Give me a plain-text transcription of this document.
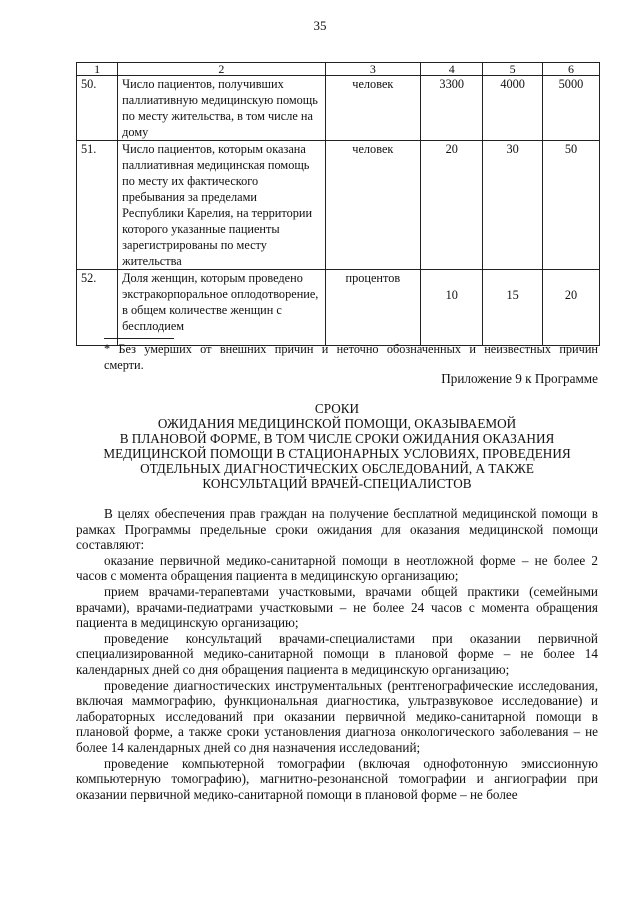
35
1	2	3	4	5	6
50.	Число пациентов, получивших паллиативную медицинскую помощь по месту жительства, в том числе на дому	человек	3300	4000	5000
51.	Число пациентов, которым оказана паллиативная медицинская помощь по месту их фактического пребывания за пределами Республики Карелия, на территории которого указанные пациенты зарегистрированы по месту жительства	человек	20	30	50
52.	Доля женщин, которым проведено экстракорпоральное оплодотворение, в общем количестве женщин с бесплодием	процентов	10	15	20
* Без умерших от внешних причин и неточно обозначенных и неизвестных причин
смерти.
Приложение 9 к Программе
СРОКИ
ОЖИДАНИЯ МЕДИЦИНСКОЙ ПОМОЩИ, ОКАЗЫВАЕМОЙ
В ПЛАНОВОЙ ФОРМЕ, В ТОМ ЧИСЛЕ СРОКИ ОЖИДАНИЯ ОКАЗАНИЯ
МЕДИЦИНСКОЙ ПОМОЩИ В СТАЦИОНАРНЫХ УСЛОВИЯХ, ПРОВЕДЕНИЯ
ОТДЕЛЬНЫХ ДИАГНОСТИЧЕСКИХ ОБСЛЕДОВАНИЙ, А ТАКЖЕ
КОНСУЛЬТАЦИЙ ВРАЧЕЙ-СПЕЦИАЛИСТОВ

В целях обеспечения прав граждан на получение бесплатной медицинской помощи в рамках Программы предельные сроки ожидания для оказания медицинской помощи составляют:

оказание первичной медико-санитарной помощи в неотложной форме – не более 2 часов с момента обращения пациента в медицинскую организацию;

прием врачами-терапевтами участковыми, врачами общей практики (семейными врачами), врачами-педиатрами участковыми – не более 24 часов с момента обращения пациента в медицинскую организацию;

проведение консультаций врачами-специалистами при оказании первичной специализированной медико-санитарной помощи в плановой форме – не более 14 календарных дней со дня обращения пациента в медицинскую организацию;

проведение диагностических инструментальных (рентгенографические исследования, включая маммографию, функциональная диагностика, ультразвуковое исследование) и лабораторных исследований при оказании первичной медико-санитарной помощи в плановой форме, а также сроки установления диагноза онкологического заболевания – не более 14 календарных дней со дня назначения исследований;

проведение компьютерной томографии (включая однофотонную эмиссионную компьютерную томографию), магнитно-резонансной томографии и ангиографии при оказании первичной медико-санитарной помощи в плановой форме – не более
